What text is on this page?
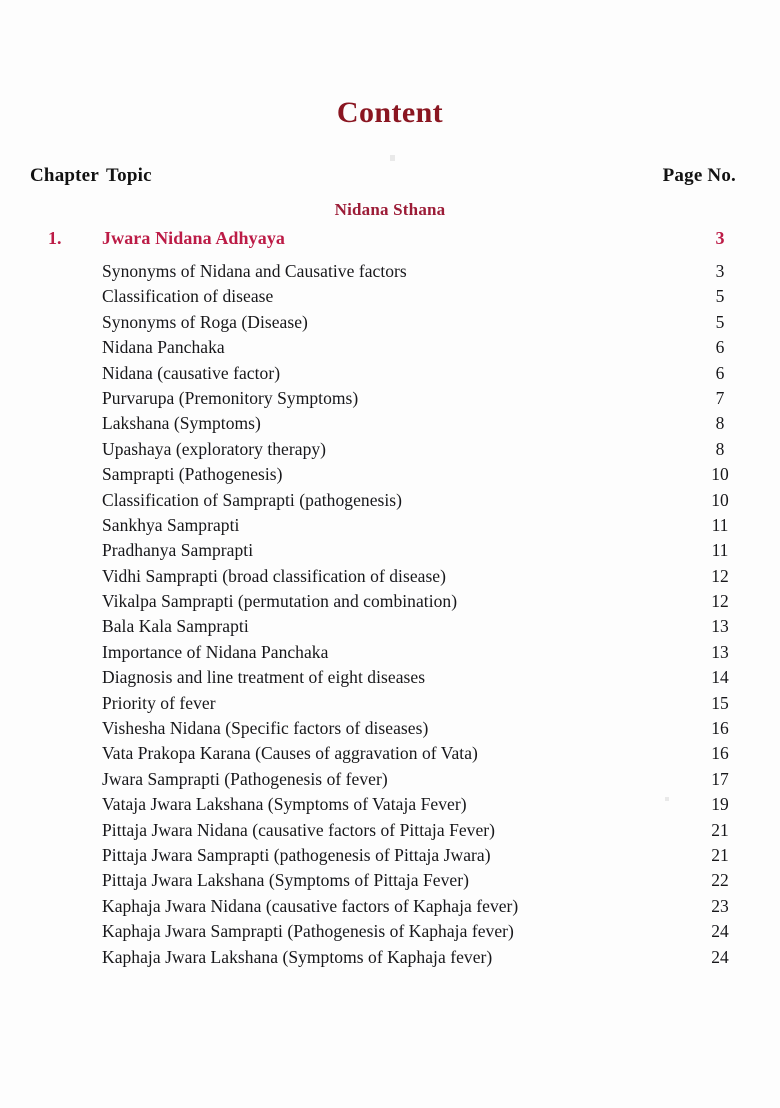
Content
Chapter Topic	Page No.
Nidana Sthana
1. Jwara Nidana Adhyaya	3
Synonyms of Nidana and Causative factors	3
Classification of disease	5
Synonyms of Roga (Disease)	5
Nidana Panchaka	6
Nidana (causative factor)	6
Purvarupa (Premonitory Symptoms)	7
Lakshana (Symptoms)	8
Upashaya (exploratory therapy)	8
Samprapti (Pathogenesis)	10
Classification of Samprapti (pathogenesis)	10
Sankhya Samprapti	11
Pradhanya Samprapti	11
Vidhi Samprapti (broad classification of disease)	12
Vikalpa Samprapti (permutation and combination)	12
Bala Kala Samprapti	13
Importance of Nidana Panchaka	13
Diagnosis and line treatment of eight diseases	14
Priority of fever	15
Vishesha Nidana (Specific factors of diseases)	16
Vata Prakopa Karana (Causes of aggravation of Vata)	16
Jwara Samprapti (Pathogenesis of fever)	17
Vataja Jwara Lakshana (Symptoms of Vataja Fever)	19
Pittaja Jwara Nidana (causative factors of Pittaja Fever)	21
Pittaja Jwara Samprapti (pathogenesis of Pittaja Jwara)	21
Pittaja Jwara Lakshana (Symptoms of Pittaja Fever)	22
Kaphaja Jwara Nidana (causative factors of Kaphaja fever)	23
Kaphaja Jwara Samprapti (Pathogenesis of Kaphaja fever)	24
Kaphaja Jwara Lakshana (Symptoms of Kaphaja fever)	24
